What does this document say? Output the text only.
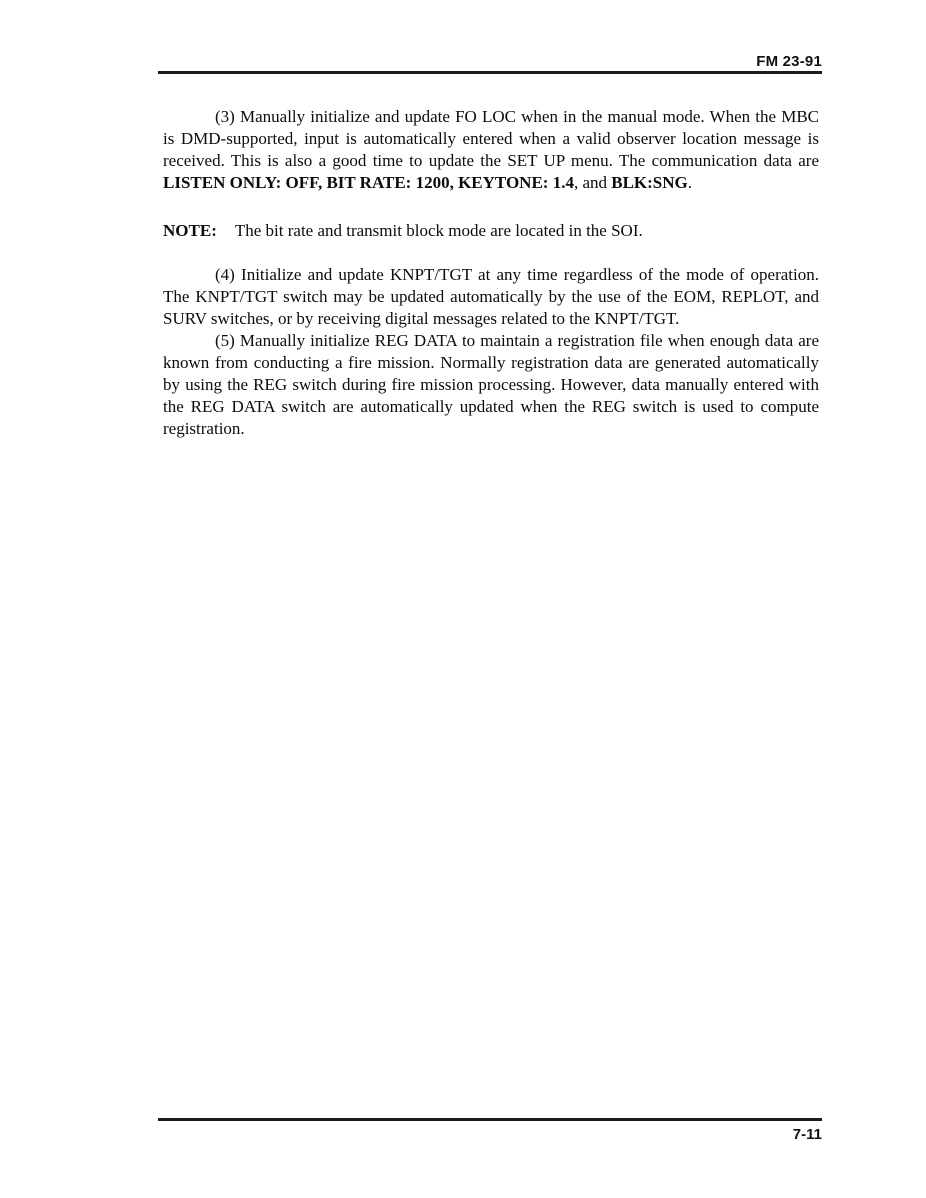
FM 23-91

(3) Manually initialize and update FO LOC when in the manual mode. When the MBC is DMD-supported, input is automatically entered when a valid observer location message is received. This is also a good time to update the SET UP menu. The communication data are LISTEN ONLY: OFF, BIT RATE: 1200, KEYTONE: 1.4, and BLK:SNG.

NOTE: The bit rate and transmit block mode are located in the SOI.

(4) Initialize and update KNPT/TGT at any time regardless of the mode of operation. The KNPT/TGT switch may be updated automatically by the use of the EOM, REPLOT, and SURV switches, or by receiving digital messages related to the KNPT/TGT.

(5) Manually initialize REG DATA to maintain a registration file when enough data are known from conducting a fire mission. Normally registration data are generated automatically by using the REG switch during fire mission processing. However, data manually entered with the REG DATA switch are automatically updated when the REG switch is used to compute registration.

7-11
